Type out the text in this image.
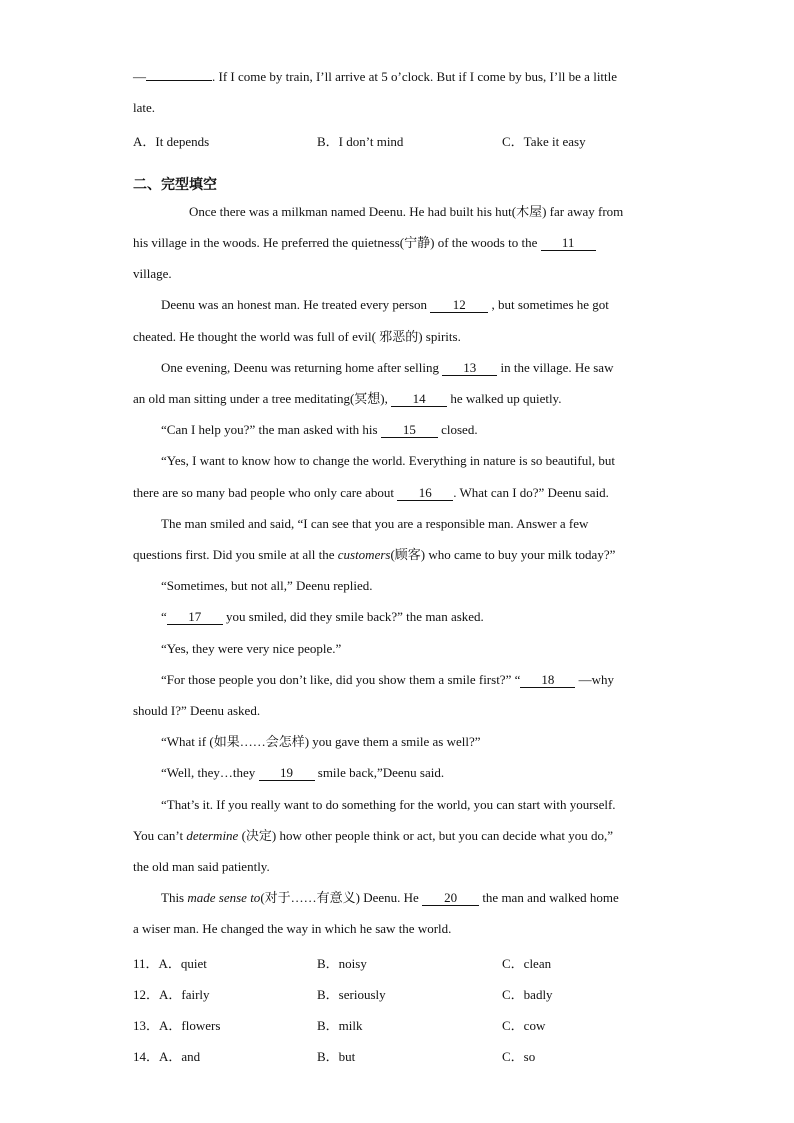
—	. If I come by train, I’ll arrive at 5 o’clock. But if I come by bus, I’ll be a little
late.
A．It depends	B．I don’t mind	C．Take it easy
二、完型填空
Once there was a milkman named Deenu. He had built his hut(木屋) far away from
his village in the woods. He preferred the quietness(宁静) of the woods to the 11
village.
Deenu was an honest man. He treated every person 12 , but sometimes he got
cheated. He thought the world was full of evil( 邪恶的) spirits.
One evening, Deenu was returning home after selling 13 in the village. He saw
an old man sitting under a tree meditating(冥想), 14 he walked up quietly.
“Can I help you?” the man asked with his 15 closed.
“Yes, I want to know how to change the world. Everything in nature is so beautiful, but
there are so many bad people who only care about 16 . What can I do?” Deenu said.
The man smiled and said, “I can see that you are a responsible man. Answer a few
questions first. Did you smile at all the customers(顾客) who came to buy your milk today?”
“Sometimes, but not all,” Deenu replied.
“ 17 you smiled, did they smile back?” the man asked.
“Yes, they were very nice people.”
“For those people you don’t like, did you show them a smile first?” “ 18 —why
should I?” Deenu asked.
“What if (如果……会怎样) you gave them a smile as well?”
“Well, they…they 19 smile back,”Deenu said.
“That’s it. If you really want to do something for the world, you can start with yourself.
You can’t determine (决定) how other people think or act, but you can decide what you do,”
the old man said patiently.
This made sense to(对于……有意义) Deenu. He 20 the man and walked home
a wiser man. He changed the way in which he saw the world.
11．A．quiet	B．noisy	C．clean
12．A．fairly	B．seriously	C．badly
13．A．flowers	B．milk	C．cow
14．A．and	B．but	C．so
